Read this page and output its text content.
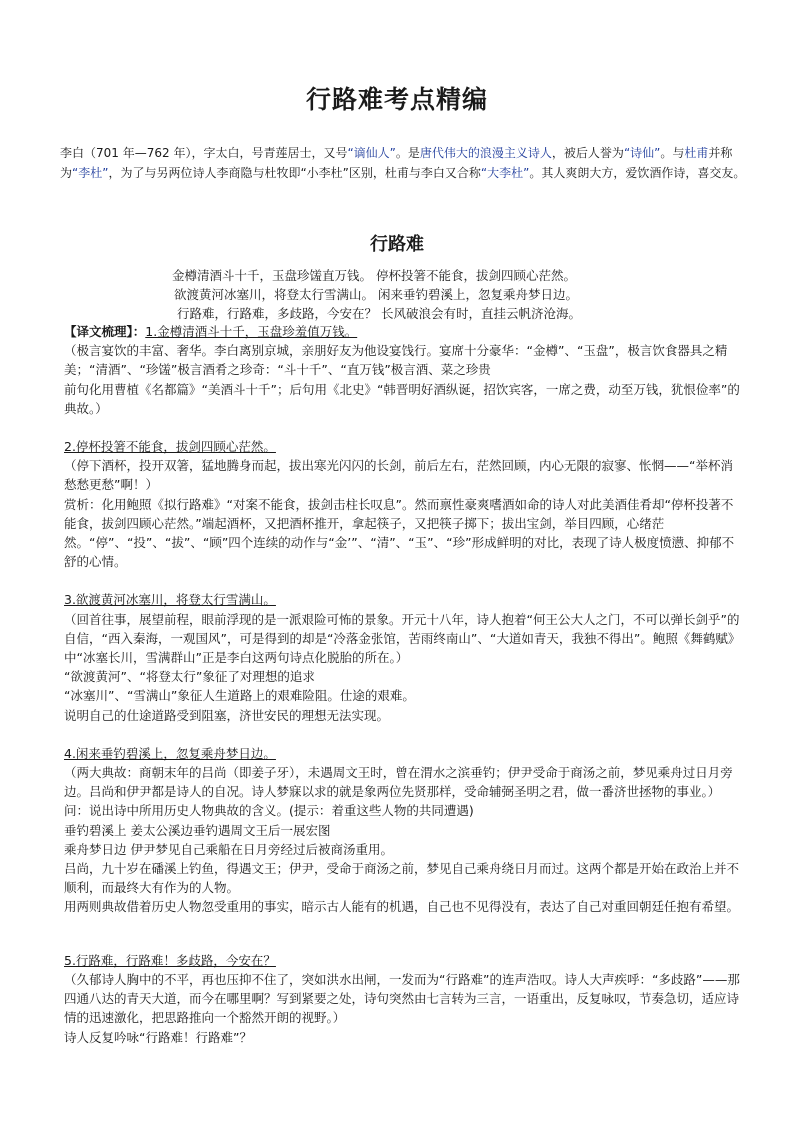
行路难考点精编
李白（701 年—762 年），字太白，号青莲居士，又号“谪仙人”。是唐代伟大的浪漫主义诗人，被后人誉为“诗仙”。与杜甫并称为“李杜”，为了与另两位诗人李商隐与杜牧即“小李杜”区别，杜甫与李白又合称“大李杜”。其人爽朗大方，爱饮酒作诗，喜交友。
行路难
金樽清酒斗十千，玉盘珍馐直万钱。 停杯投箸不能食，拔剑四顾心茫然。
欲渡黄河冰塞川，将登太行雪满山。 闲来垂钓碧溪上，忽复乘舟梦日边。
行路难，行路难，多歧路，今安在？ 长风破浪会有时，直挂云帆济沧海。

【译文梳理】：1.金樽清酒斗十千，玉盘珍羞值万钱。

（极言宴饮的丰富、奢华。李白离别京城，亲朋好友为他设宴饯行。宴席十分豪华：“金樽”、“玉盘”，极言饮食器具之精美；“清酒”、“珍馐”极言酒肴之珍奇：“斗十千”、“直万钱”极言酒、菜之珍贵

前句化用曹植《名都篇》“美酒斗十千”；后句用《北史》“韩晋明好酒纵诞，招饮宾客，一席之费，动至万钱，犹恨俭率”的典故。）

2.停杯投箸不能食，拔剑四顾心茫然。

（停下酒杯，投开双箸，猛地腾身而起，拔出寒光闪闪的长剑，前后左右，茫然回顾，内心无限的寂寥、怅惘——“举杯消愁愁更愁”啊！）

赏析：化用鲍照《拟行路难》“对案不能食，拔剑击柱长叹息”。然而禀性豪爽嗜酒如命的诗人对此美酒佳肴却“停杯投著不能食，拔剑四顾心茫然。”端起酒杯，又把酒杯推开，拿起筷子，又把筷子掷下；拔出宝剑，举目四顾，心绪茫然。“停”、“投”、“拔”、“顾”四个连续的动作与“金’”、“清”、“玉”、“珍”形成鲜明的对比，表现了诗人极度愤懑、抑郁不舒的心情。

3.欲渡黄河冰塞川，将登太行雪满山。

（回首往事，展望前程，眼前浮现的是一派艰险可怖的景象。开元十八年，诗人抱着“何王公大人之门，不可以弹长剑乎”的自信，“西入秦海，一观国风”，可是得到的却是“冷落金张馆，苦雨终南山”、“大道如青天，我独不得出”。鲍照《舞鹤赋》中“冰塞长川，雪满群山”正是李白这两句诗点化脱胎的所在。）

“欲渡黄河”、“将登太行”象征了对理想的追求

“冰塞川”、“雪满山”象征人生道路上的艰难险阻。仕途的艰难。

说明自己的仕途道路受到阻塞，济世安民的理想无法实现。

4.闲来垂钓碧溪上，忽复乘舟梦日边。

（两大典故：商朝末年的吕尚（即姜子牙），未遇周文王时，曾在渭水之滨垂钓；伊尹受命于商汤之前，梦见乘舟过日月旁边。吕尚和伊尹都是诗人的自况。诗人梦寐以求的就是象两位先贤那样，受命辅弼圣明之君，做一番济世拯物的事业。）

问：说出诗中所用历史人物典故的含义。(提示：着重这些人物的共同遭遇)

垂钓碧溪上 姜太公溪边垂钓遇周文王后一展宏图

乘舟梦日边 伊尹梦见自己乘船在日月旁经过后被商汤重用。

吕尚，九十岁在磻溪上钓鱼，得遇文王；伊尹，受命于商汤之前，梦见自己乘舟绕日月而过。这两个都是开始在政治上并不顺利，而最终大有作为的人物。

用两则典故借着历史人物忽受重用的事实，暗示古人能有的机遇，自己也不见得没有，表达了自己对重回朝廷任抱有希望。

5.行路难，行路难！多歧路，今安在？

（久郁诗人胸中的不平，再也压抑不住了，突如洪水出闸，一发而为“行路难”的连声浩叹。诗人大声疾呼：“多歧路”——那四通八达的青天大道，而今在哪里啊？写到紧要之处，诗句突然由七言转为三言，一语重出，反复咏叹，节奏急切，适应诗情的迅速激化，把思路推向一个豁然开朗的视野。）

诗人反复吟咏“行路难！行路难”？
